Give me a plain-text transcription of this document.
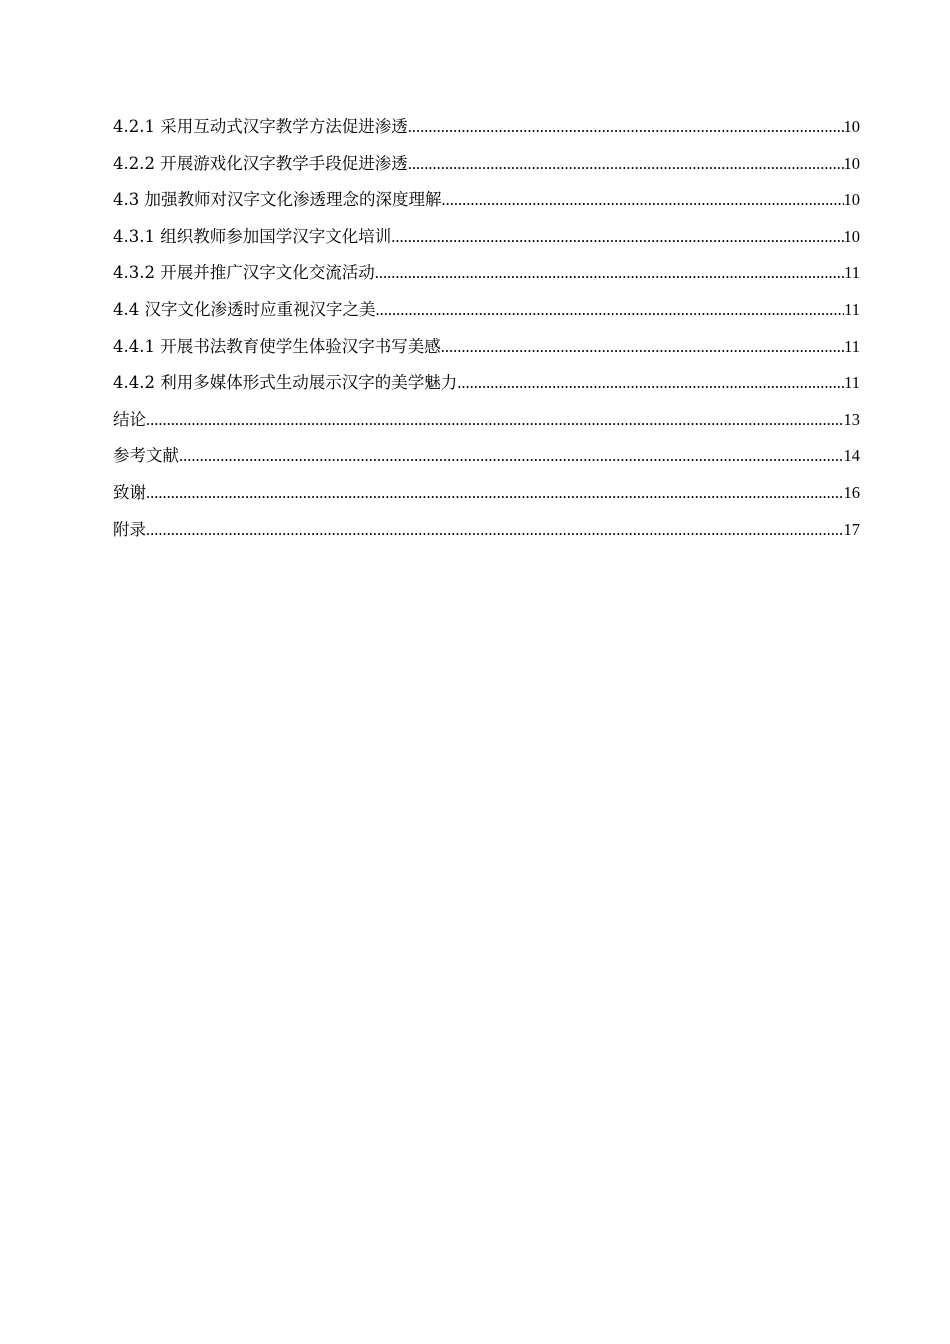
4.2.1 采用互动式汉字教学方法促进渗透 .....	10
4.2.2 开展游戏化汉字教学手段促进渗透 .....	10
4.3 加强教师对汉字文化渗透理念的深度理解 .....	10
4.3.1 组织教师参加国学汉字文化培训 .....	10
4.3.2 开展并推广汉字文化交流活动 .....	11
4.4 汉字文化渗透时应重视汉字之美 .....	11
4.4.1 开展书法教育使学生体验汉字书写美感 .....	11
4.4.2 利用多媒体形式生动展示汉字的美学魅力 .....	11
结论 .....	13
参考文献 .....	14
致谢 .....	16
附录 .....	17
